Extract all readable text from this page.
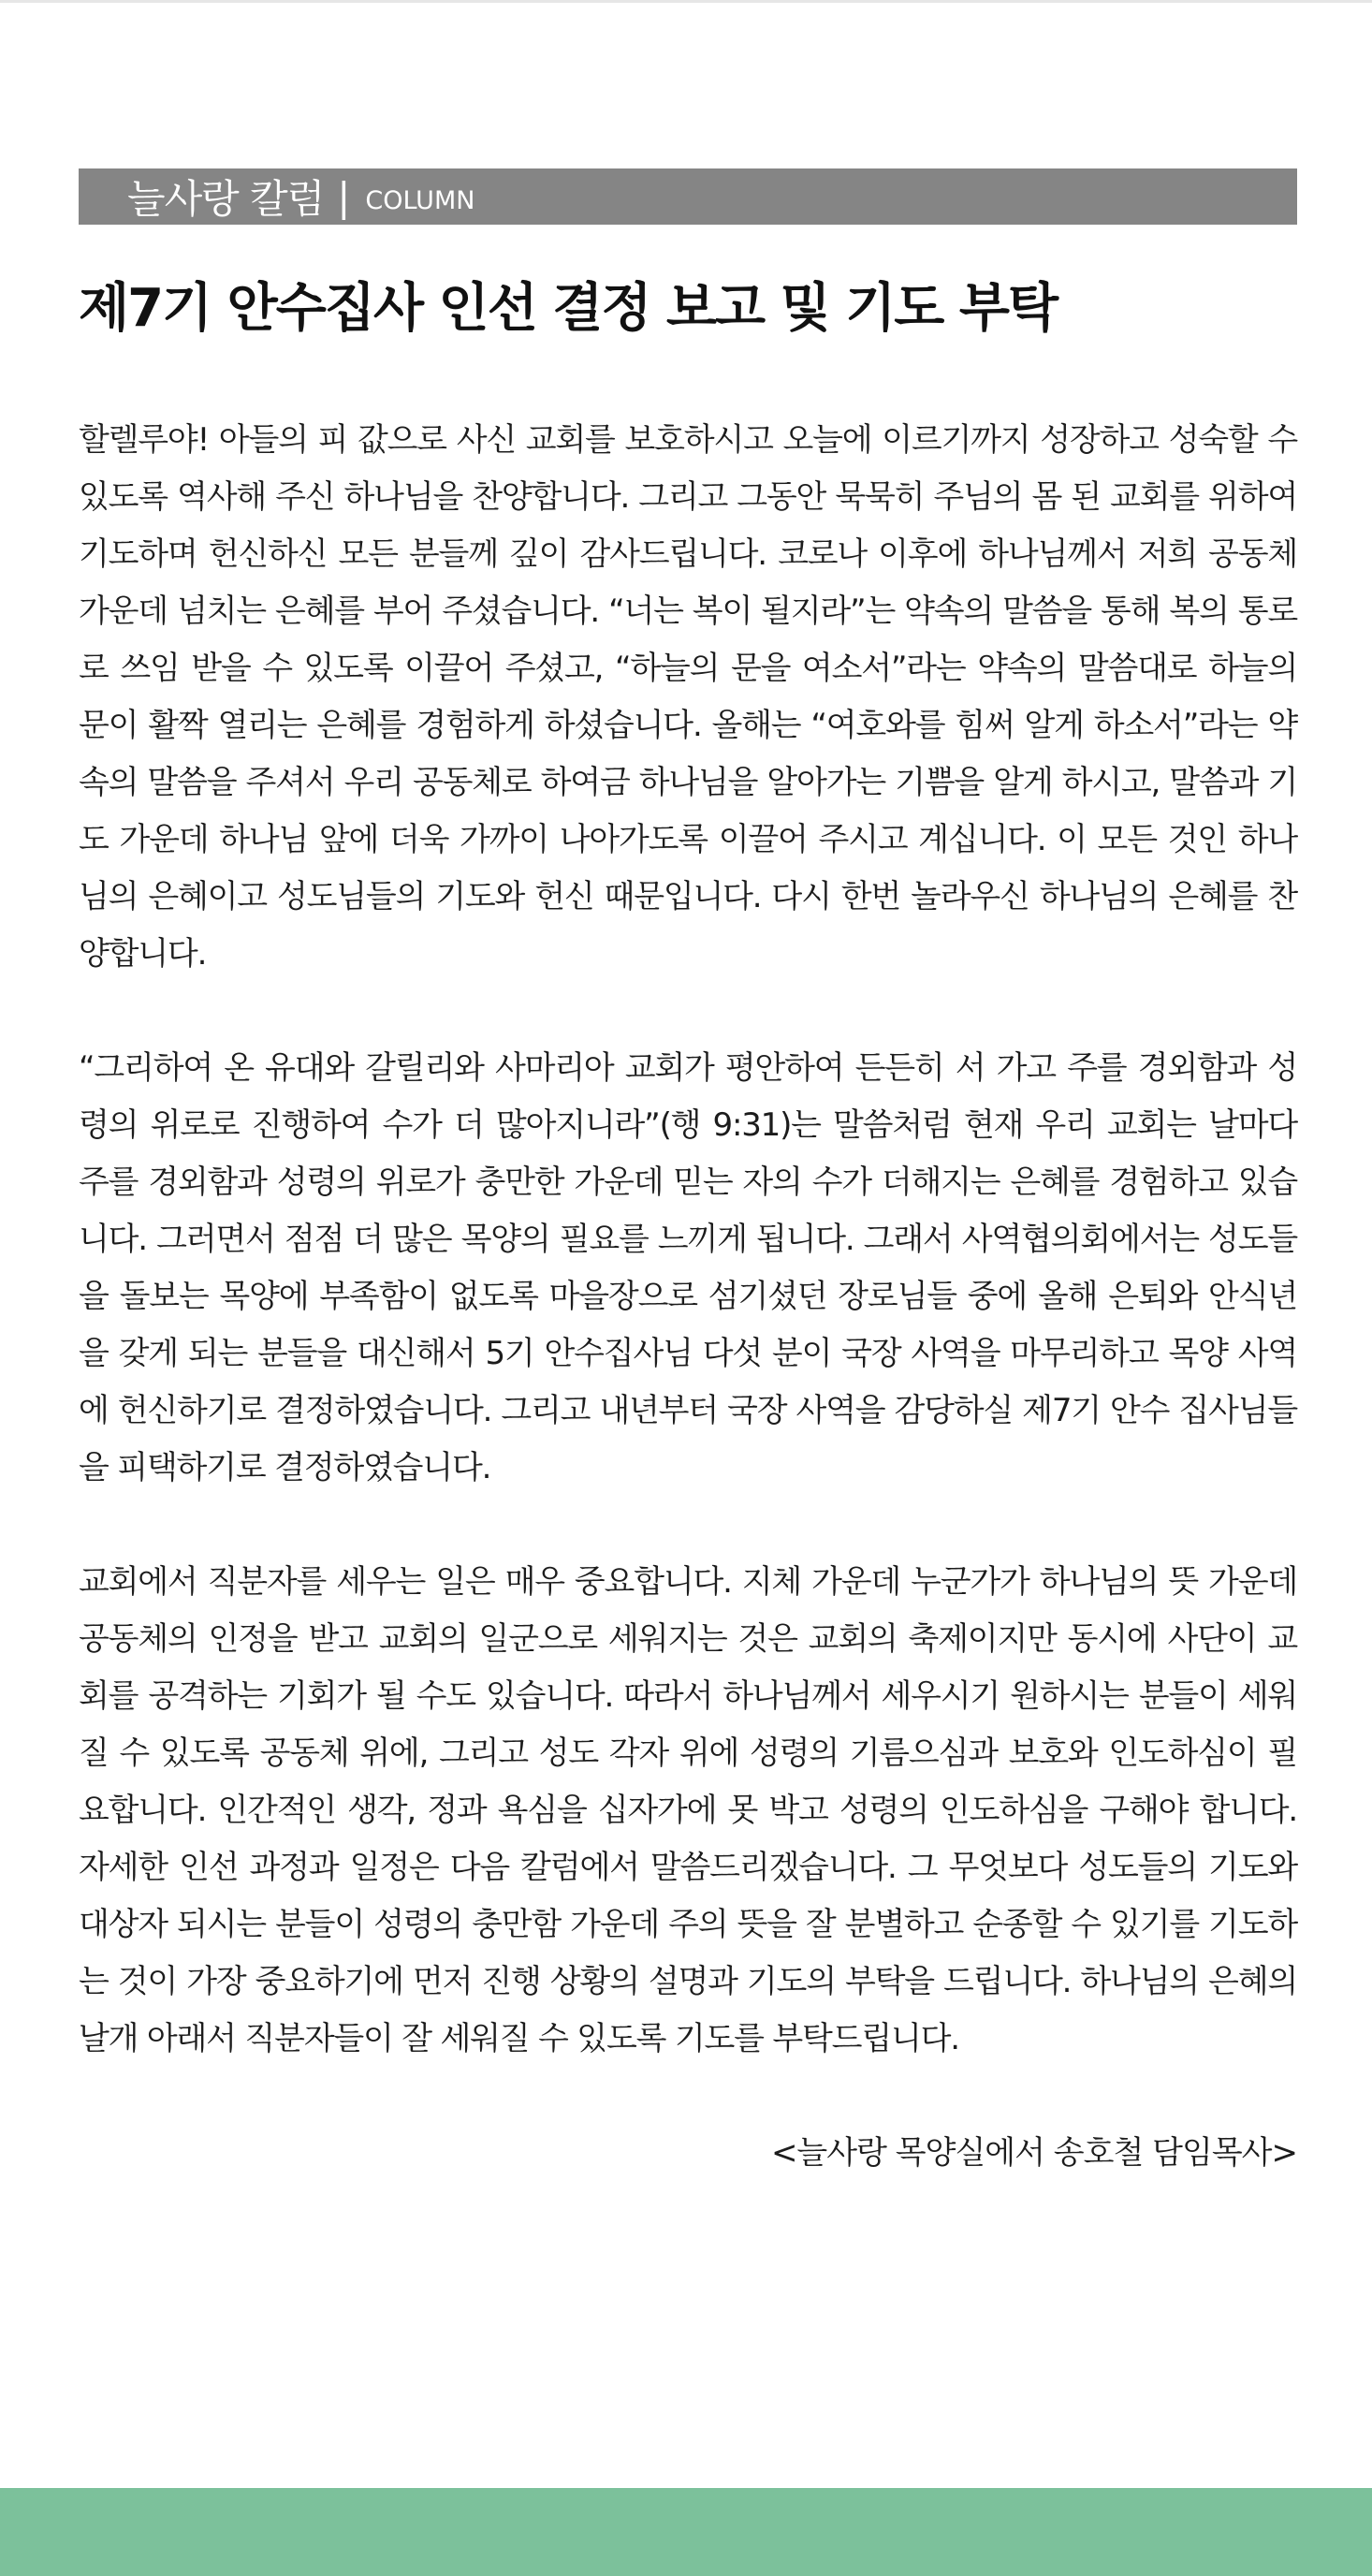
늘사랑 칼럼 | COLUMN
제7기 안수집사 인선 결정 보고 및 기도 부탁

할렐루야! 아들의 피 값으로 사신 교회를 보호하시고 오늘에 이르기까지 성장하고 성숙할 수 있도록 역사해 주신 하나님을 찬양합니다. 그리고 그동안 묵묵히 주님의 몸 된 교회를 위하여 기도하며 헌신하신 모든 분들께 깊이 감사드립니다. 코로나 이후에 하나님께서 저희 공동체 가운데 넘치는 은혜를 부어 주셨습니다. “너는 복이 될지라”는 약속의 말씀을 통해 복의 통로로 쓰임 받을 수 있도록 이끌어 주셨고, “하늘의 문을 여소서”라는 약속의 말씀대로 하늘의 문이 활짝 열리는 은혜를 경험하게 하셨습니다. 올해는 “여호와를 힘써 알게 하소서”라는 약속의 말씀을 주셔서 우리 공동체로 하여금 하나님을 알아가는 기쁨을 알게 하시고, 말씀과 기도 가운데 하나님 앞에 더욱 가까이 나아가도록 이끌어 주시고 계십니다. 이 모든 것인 하나님의 은혜이고 성도님들의 기도와 헌신 때문입니다. 다시 한번 놀라우신 하나님의 은혜를 찬양합니다.

“그리하여 온 유대와 갈릴리와 사마리아 교회가 평안하여 든든히 서 가고 주를 경외함과 성령의 위로로 진행하여 수가 더 많아지니라”(행 9:31)는 말씀처럼 현재 우리 교회는 날마다 주를 경외함과 성령의 위로가 충만한 가운데 믿는 자의 수가 더해지는 은혜를 경험하고 있습니다. 그러면서 점점 더 많은 목양의 필요를 느끼게 됩니다. 그래서 사역협의회에서는 성도들을 돌보는 목양에 부족함이 없도록 마을장으로 섬기셨던 장로님들 중에 올해 은퇴와 안식년을 갖게 되는 분들을 대신해서 5기 안수집사님 다섯 분이 국장 사역을 마무리하고 목양 사역에 헌신하기로 결정하였습니다. 그리고 내년부터 국장 사역을 감당하실 제7기 안수 집사님들을 피택하기로 결정하였습니다.

교회에서 직분자를 세우는 일은 매우 중요합니다. 지체 가운데 누군가가 하나님의 뜻 가운데 공동체의 인정을 받고 교회의 일군으로 세워지는 것은 교회의 축제이지만 동시에 사단이 교회를 공격하는 기회가 될 수도 있습니다. 따라서 하나님께서 세우시기 원하시는 분들이 세워질 수 있도록 공동체 위에, 그리고 성도 각자 위에 성령의 기름으심과 보호와 인도하심이 필요합니다. 인간적인 생각, 정과 욕심을 십자가에 못 박고 성령의 인도하심을 구해야 합니다. 자세한 인선 과정과 일정은 다음 칼럼에서 말씀드리겠습니다. 그 무엇보다 성도들의 기도와 대상자 되시는 분들이 성령의 충만함 가운데 주의 뜻을 잘 분별하고 순종할 수 있기를 기도하는 것이 가장 중요하기에 먼저 진행 상황의 설명과 기도의 부탁을 드립니다. 하나님의 은혜의 날개 아래서 직분자들이 잘 세워질 수 있도록 기도를 부탁드립니다.

<늘사랑 목양실에서 송호철 담임목사>
